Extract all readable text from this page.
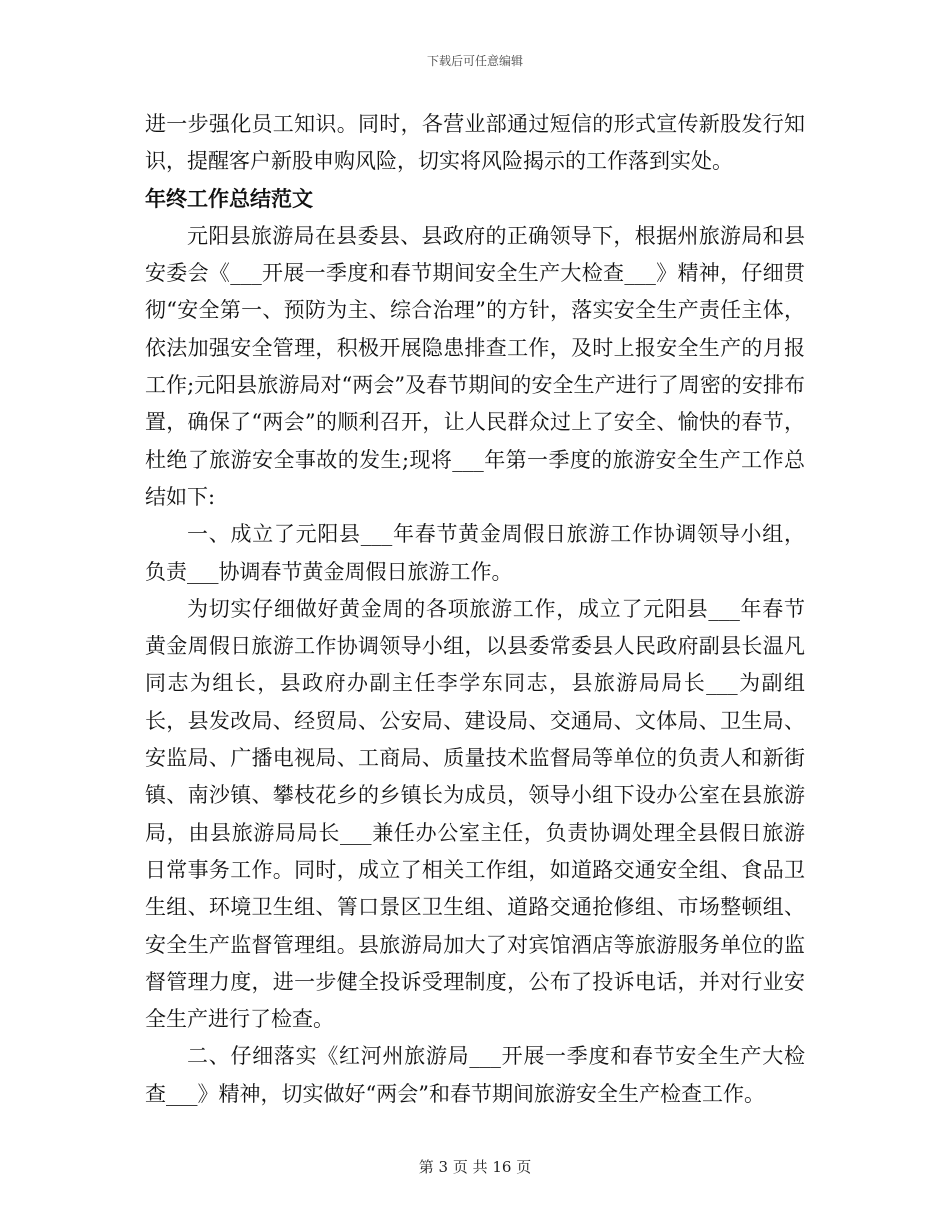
下载后可任意编辑

进一步强化员工知识。同时，各营业部通过短信的形式宣传新股发行知识，提醒客户新股申购风险，切实将风险揭示的工作落到实处。

年终工作总结范文

元阳县旅游局在县委县、县政府的正确领导下，根据州旅游局和县安委会《___开展一季度和春节期间安全生产大检查___》精神，仔细贯彻“安全第一、预防为主、综合治理”的方针，落实安全生产责任主体，依法加强安全管理，积极开展隐患排查工作，及时上报安全生产的月报工作;元阳县旅游局对“两会”及春节期间的安全生产进行了周密的安排布置，确保了“两会”的顺利召开，让人民群众过上了安全、愉快的春节，杜绝了旅游安全事故的发生;现将___年第一季度的旅游安全生产工作总结如下:

一、成立了元阳县___年春节黄金周假日旅游工作协调领导小组，负责___协调春节黄金周假日旅游工作。

为切实仔细做好黄金周的各项旅游工作，成立了元阳县___年春节黄金周假日旅游工作协调领导小组，以县委常委县人民政府副县长温凡同志为组长，县政府办副主任李学东同志，县旅游局局长___为副组长，县发改局、经贸局、公安局、建设局、交通局、文体局、卫生局、安监局、广播电视局、工商局、质量技术监督局等单位的负责人和新街镇、南沙镇、攀枝花乡的乡镇长为成员，领导小组下设办公室在县旅游局，由县旅游局局长___兼任办公室主任，负责协调处理全县假日旅游日常事务工作。同时，成立了相关工作组，如道路交通安全组、食品卫生组、环境卫生组、箐口景区卫生组、道路交通抢修组、市场整顿组、安全生产监督管理组。县旅游局加大了对宾馆酒店等旅游服务单位的监督管理力度，进一步健全投诉受理制度，公布了投诉电话，并对行业安全生产进行了检查。

二、仔细落实《红河州旅游局___开展一季度和春节安全生产大检查___》精神，切实做好“两会”和春节期间旅游安全生产检查工作。

第 3 页 共 16 页
